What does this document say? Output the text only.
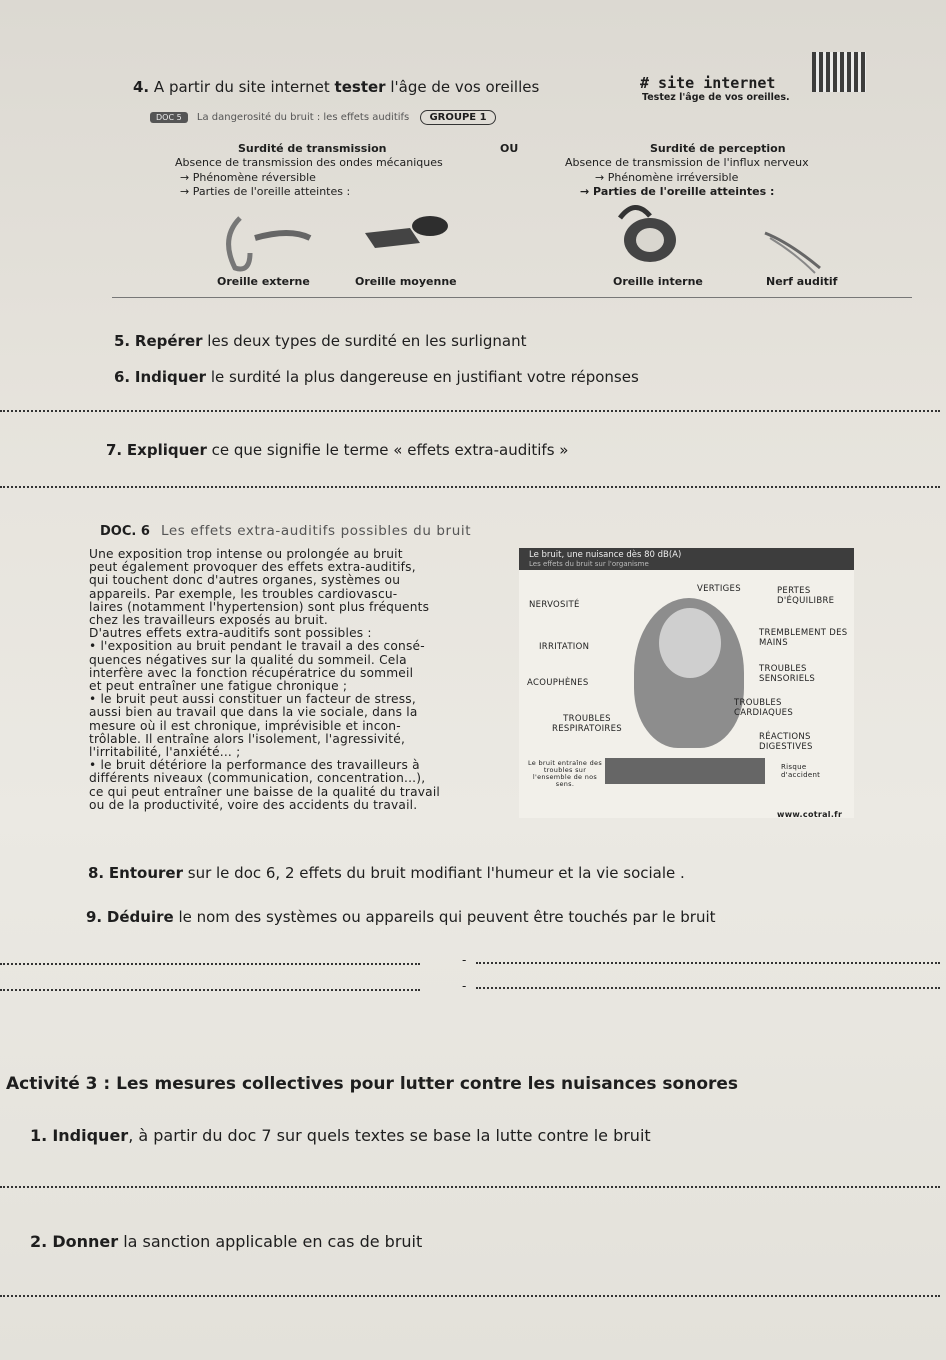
4. A partir du site internet tester l'âge de vos oreilles	# site internet
Testez l'âge de vos oreilles.
DOC 5 La dangerosité du bruit : les effets auditifs GROUPE 1
Surdité de transmission	OU	Surdité de perception
Absence de transmission des ondes mécaniques	Absence de transmission de l'influx nerveux
→ Phénomène réversible	→ Phénomène irréversible
→ Parties de l'oreille atteintes :	→ Parties de l'oreille atteintes :
Oreille externe	Oreille moyenne	Oreille interne	Nerf auditif
5. Repérer les deux types de surdité en les surlignant
6. Indiquer le surdité la plus dangereuse en justifiant votre réponses
7. Expliquer ce que signifie le terme « effets extra-auditifs »
DOC. 6 Les effets extra-auditifs possibles du bruit
Une exposition trop intense ou prolongée au bruit
peut également provoquer des effets extra-auditifs,
qui touchent donc d'autres organes, systèmes ou
appareils. Par exemple, les troubles cardiovascu-
laires (notamment l'hypertension) sont plus fréquents
chez les travailleurs exposés au bruit.
D'autres effets extra-auditifs sont possibles :
• l'exposition au bruit pendant le travail a des consé-
quences négatives sur la qualité du sommeil. Cela
interfère avec la fonction récupératrice du sommeil
et peut entraîner une fatigue chronique ;
• le bruit peut aussi constituer un facteur de stress,
aussi bien au travail que dans la vie sociale, dans la
mesure où il est chronique, imprévisible et incon-
trôlable. Il entraîne alors l'isolement, l'agressivité,
l'irritabilité, l'anxiété... ;
• le bruit détériore la performance des travailleurs à
différents niveaux (communication, concentration...),
ce qui peut entraîner une baisse de la qualité du travail
ou de la productivité, voire des accidents du travail.
Le bruit, une nuisance dès 80 dB(A)
Les effets du bruit sur l'organisme
VERTIGES	PERTES D'ÉQUILIBRE
NERVOSITÉ
TREMBLEMENT DES MAINS
IRRITATION
TROUBLES SENSORIELS
ACOUPHÈNES
TROUBLES CARDIAQUES
TROUBLES RESPIRATOIRES
RÉACTIONS DIGESTIVES
Le bruit entraîne des troubles sur l'ensemble de nos sens.
Risque d'accident
www.cotral.fr
8. Entourer sur le doc 6, 2 effets du bruit modifiant l'humeur et la vie sociale .
9. Déduire le nom des systèmes ou appareils qui peuvent être touchés par le bruit
-
-
Activité 3 : Les mesures collectives pour lutter contre les nuisances sonores
1. Indiquer, à partir du doc 7 sur quels textes se base la lutte contre le bruit
2. Donner la sanction applicable en cas de bruit
